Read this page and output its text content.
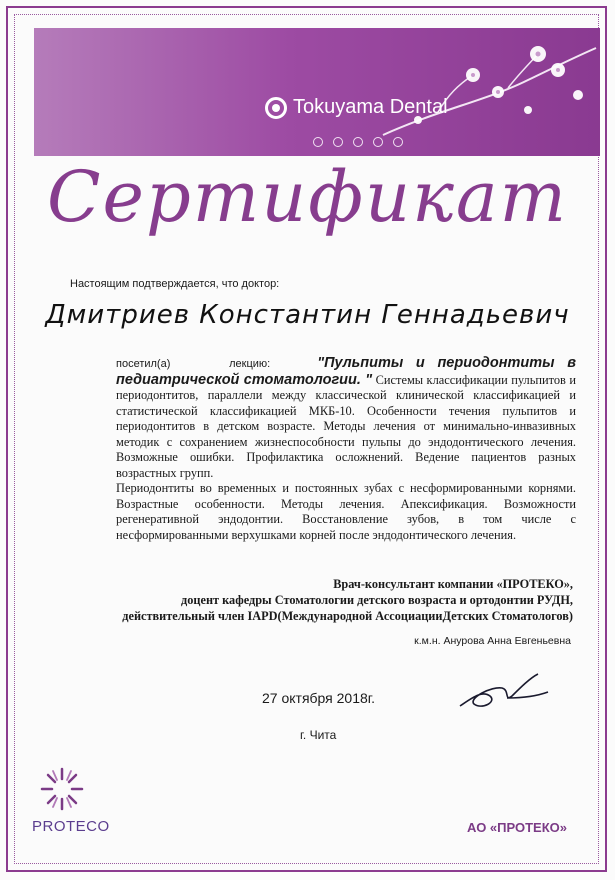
Tokuyama Dental
Сертификат
Настоящим подтверждается, что доктор:
Дмитриев Константин Геннадьевич

посетил(а)	лекцию:	"Пульпиты и периодонтиты в педиатрической стоматологии. " Системы классификации пульпитов и периодонтитов, параллели между классической клинической классификацией и статистической классификацией МКБ-10. Особенности течения пульпитов и периодонтитов в детском возрасте. Методы лечения от минимально-инвазивных методик с сохранением жизнеспособности пульпы до эндодонтического лечения. Возможные ошибки. Профилактика осложнений. Ведение пациентов разных возрастных групп.

Периодонтиты во временных и постоянных зубах с несформированными корнями. Возрастные особенности. Методы лечения. Апексификация. Возможности регенеративной эндодонтии. Восстановление зубов, в том числе с несформированными верхушками корней после эндодонтического лечения.

Врач-консультант компании «ПРОТЕКО»,
доцент кафедры Стоматологии детского возраста и ортодонтии РУДН,
действительный член IAPD(Международной АссоциацииДетских Стоматологов)
к.м.н. Анурова Анна Евгеньевна
27 октября 2018г.
г. Чита
PROTECO	АО «ПРОТЕКО»
